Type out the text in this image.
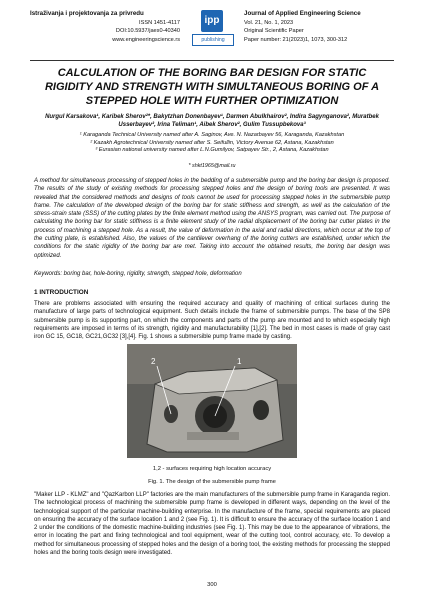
Istraživanja i projektovanja za privredu
ISSN 1451-4117
DOI:10.5937/jaes0-40340
www.engineeringscience.rs
ipp
publishing
Journal of Applied Engineering Science
Vol. 21, No. 1, 2023
Original Scientific Paper
Paper number: 21(2023)1, 1073, 300-312
CALCULATION OF THE BORING BAR DESIGN FOR STATIC RIGIDITY AND STRENGTH WITH SIMULTANEOUS BORING OF A STEPPED HOLE WITH FURTHER OPTIMIZATION
Nurgul Karsakova¹, Karibek Sherov²*, Bakytzhan Donenbayev¹, Darmen Abulkhairov², Indira Sagynganova², Muratbek Usserbayev², Irina Teliman¹, Aibek Sherov², Gulim Tussupbekova³
¹ Karaganda Technical University named after A. Saginov, Ave. N. Nazarbayev 56, Karaganda, Kazakhstan
² Kazakh Agrotechnical University named after S. Seifullin, Victory Avenue 62, Astana, Kazakhstan
³ Eurasian national university named after L.N.Gumilyov, Satpayev Str., 2, Astana, Kazakhstan
* shkt1965@mail.ru
A method for simultaneous processing of stepped holes in the bedding of a submersible pump and the boring bar design is proposed. The results of the study of existing methods for processing stepped holes and the design of boring tools are presented. It was revealed that the considered methods and designs of tools cannot be used for processing stepped holes in the submersible pump frame. The calculation of the developed design of the boring bar for static stiffness and strength, as well as the calculation of the stress-strain state (SSS) of the cutting plates by the finite element method using the ANSYS program, was carried out. The purpose of calculating the boring bar for static stiffness is a finite element study of the radial displacement of the boring bar cutter plates in the process of machining a stepped hole. As a result, the value of deformation in the axial and radial directions, which occur at the top of the cutting plate, is established. Also, the values of the cantilever overhang of the boring cutters are established, under which the conditions for the static rigidity of the boring bar are met. Taking into account the obtained results, the boring bar design was optimized.
Keywords: boring bar, hole-boring, rigidity, strength, stepped hole, deformation
1 INTRODUCTION
There are problems associated with ensuring the required accuracy and quality of machining of critical surfaces during the manufacture of large parts of technological equipment. Such details include the frame of submersible pumps. The base of the SP8 submersible pump is its supporting part, on which the components and parts of the pump are mounted and to which especially high requirements are imposed in terms of its strength, rigidity and manufacturability [1],[2]. The bed in most cases is made of gray cast iron GC 15, GC18, GC21,GC32 [3],[4]. Fig. 1 shows a submersible pump frame made by casting.
1
2
1,2 - surfaces requiring high location accuracy
Fig. 1. The design of the submersible pump frame
"Maker LLP - KLMZ" and "QazKarbon LLP" factories are the main manufacturers of the submersible pump frame in Karaganda region. The technological process of machining the submersible pump frame is developed in different ways, depending on the level of the technological support of the particular machine-building enterprise. In the manufacture of the frame, special requirements are placed on ensuring the accuracy of the surface location 1 and 2 (see Fig. 1). It is difficult to ensure the accuracy of the surface location 1 and 2 under the conditions of the domestic machine-building industries (see Fig. 1). This may be due to the appearance of vibrations, the error in locating the part and fixing technological and tool equipment, wear of the cutting tool, control accuracy, etc. To develop a method for simultaneous processing of stepped holes and the design of a boring tool, the existing methods for processing the stepped holes and the boring tools design were investigated.
300
